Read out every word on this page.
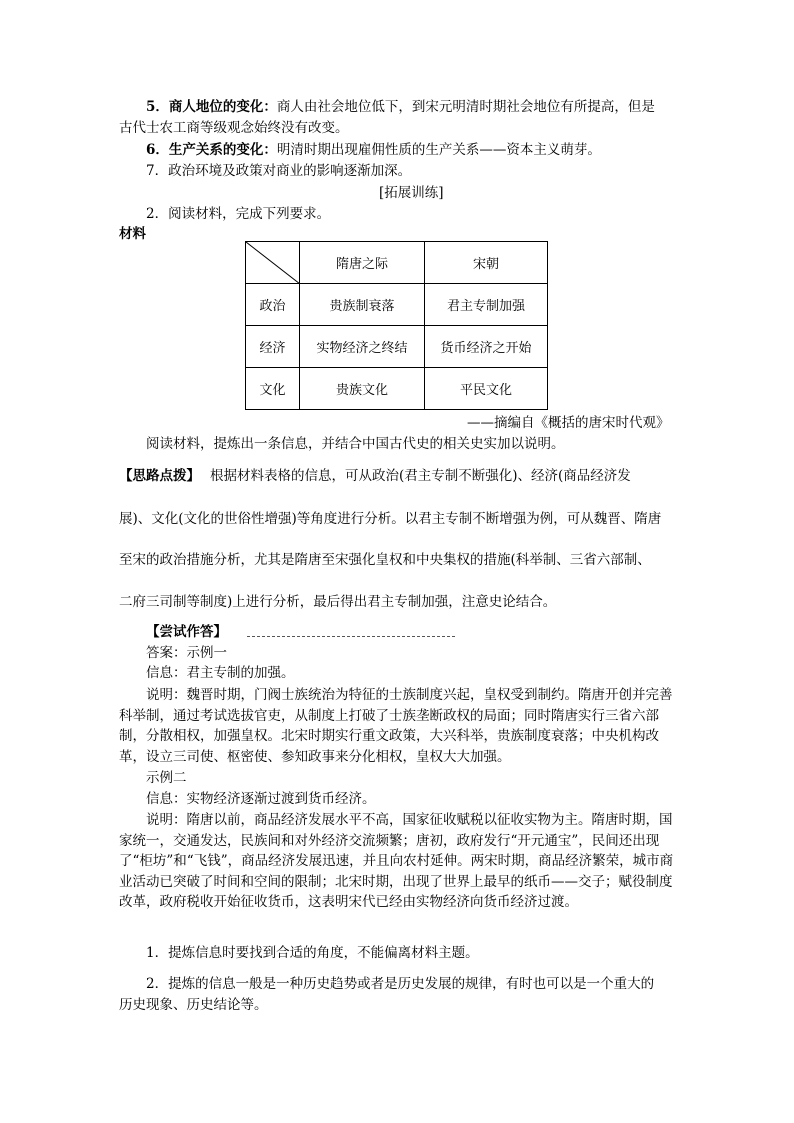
5．商人地位的变化：商人由社会地位低下，到宋元明清时期社会地位有所提高，但是
古代士农工商等级观念始终没有改变。
6．生产关系的变化：明清时期出现雇佣性质的生产关系——资本主义萌芽。
7．政治环境及政策对商业的影响逐渐加深。
[拓展训练]
2．阅读材料，完成下列要求。
材料
	隋唐之际	宋朝
政治	贵族制衰落	君主专制加强
经济	实物经济之终结	货币经济之开始
文化	贵族文化	平民文化
——摘编自《概括的唐宋时代观》
阅读材料，提炼出一条信息，并结合中国古代史的相关史实加以说明。
【思路点拨】 根据材料表格的信息，可从政治(君主专制不断强化)、经济(商品经济发
展)、文化(文化的世俗性增强)等角度进行分析。以君主专制不断增强为例，可从魏晋、隋唐
至宋的政治措施分析，尤其是隋唐至宋强化皇权和中央集权的措施(科举制、三省六部制、
二府三司制等制度)上进行分析，最后得出君主专制加强，注意史论结合。
【尝试作答】
答案：示例一
信息：君主专制的加强。
说明：魏晋时期，门阀士族统治为特征的士族制度兴起，皇权受到制约。隋唐开创并完善科举制，通过考试选拔官吏，从制度上打破了士族垄断政权的局面；同时隋唐实行三省六部制，分散相权，加强皇权。北宋时期实行重文政策，大兴科举，贵族制度衰落；中央机构改革，设立三司使、枢密使、参知政事来分化相权，皇权大大加强。
示例二
信息：实物经济逐渐过渡到货币经济。
说明：隋唐以前，商品经济发展水平不高，国家征收赋税以征收实物为主。隋唐时期，国家统一，交通发达，民族间和对外经济交流频繁；唐初，政府发行“开元通宝”，民间还出现了“柜坊”和“飞钱”，商品经济发展迅速，并且向农村延伸。两宋时期，商品经济繁荣，城市商业活动已突破了时间和空间的限制；北宋时期，出现了世界上最早的纸币——交子；赋役制度改革，政府税收开始征收货币，这表明宋代已经由实物经济向货币经济过渡。
1．提炼信息时要找到合适的角度，不能偏离材料主题。
2．提炼的信息一般是一种历史趋势或者是历史发展的规律，有时也可以是一个重大的
历史现象、历史结论等。
